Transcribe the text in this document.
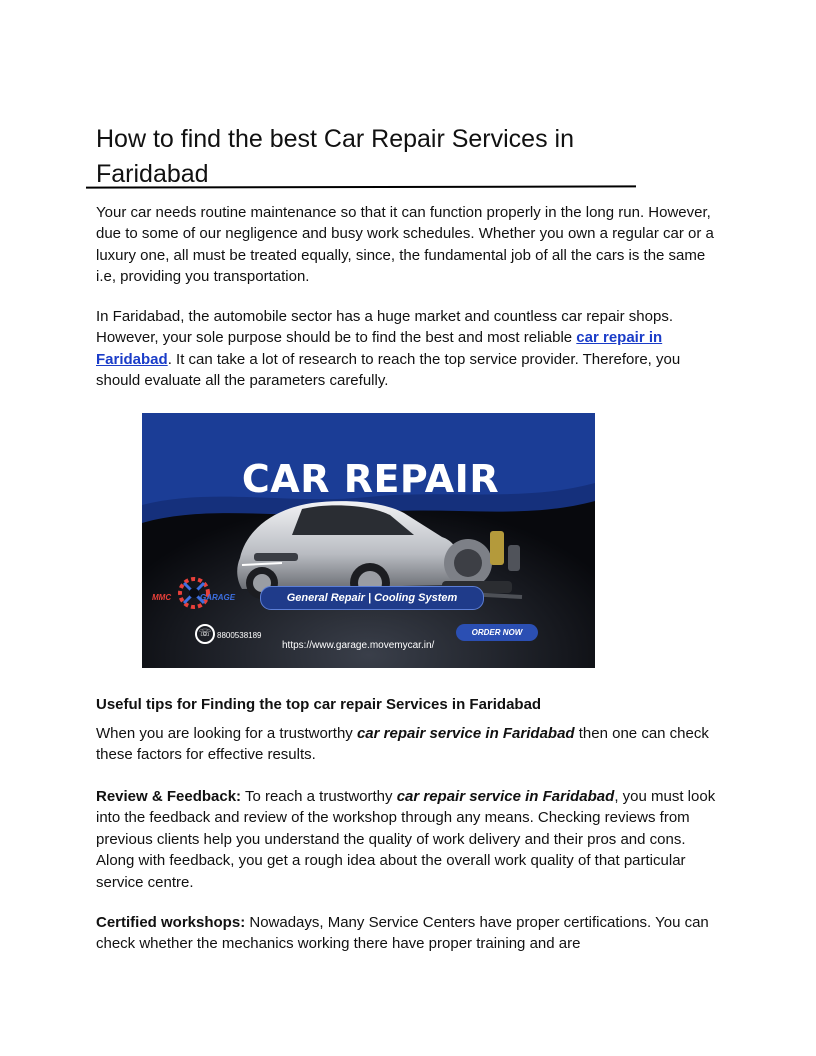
How to find the best Car Repair Services in Faridabad

Your car needs routine maintenance so that it can function properly in the long run. However, due to some of our negligence and busy work schedules. Whether you own a regular car or a luxury one, all must be treated equally, since, the fundamental job of all the cars is the same i.e, providing you transportation.

In Faridabad, the automobile sector has a huge market and countless car repair shops. However, your sole purpose should be to find the best and most reliable car repair in Faridabad. It can take a lot of research to reach the top service provider. Therefore, you should evaluate all the parameters carefully.

CAR REPAIR
MMC	GARAGE	General Repair | Cooling System
☏ 8800538189
https://www.garage.movemycar.in/
ORDER NOW

Useful tips for Finding the top car repair Services in Faridabad

When you are looking for a trustworthy car repair service in Faridabad then one can check these factors for effective results.

Review & Feedback: To reach a trustworthy car repair service in Faridabad, you must look into the feedback and review of the workshop through any means. Checking reviews from previous clients help you understand the quality of work delivery and their pros and cons. Along with feedback, you get a rough idea about the overall work quality of that particular service centre.

Certified workshops: Nowadays, Many Service Centers have proper certifications. You can check whether the mechanics working there have proper training and are
